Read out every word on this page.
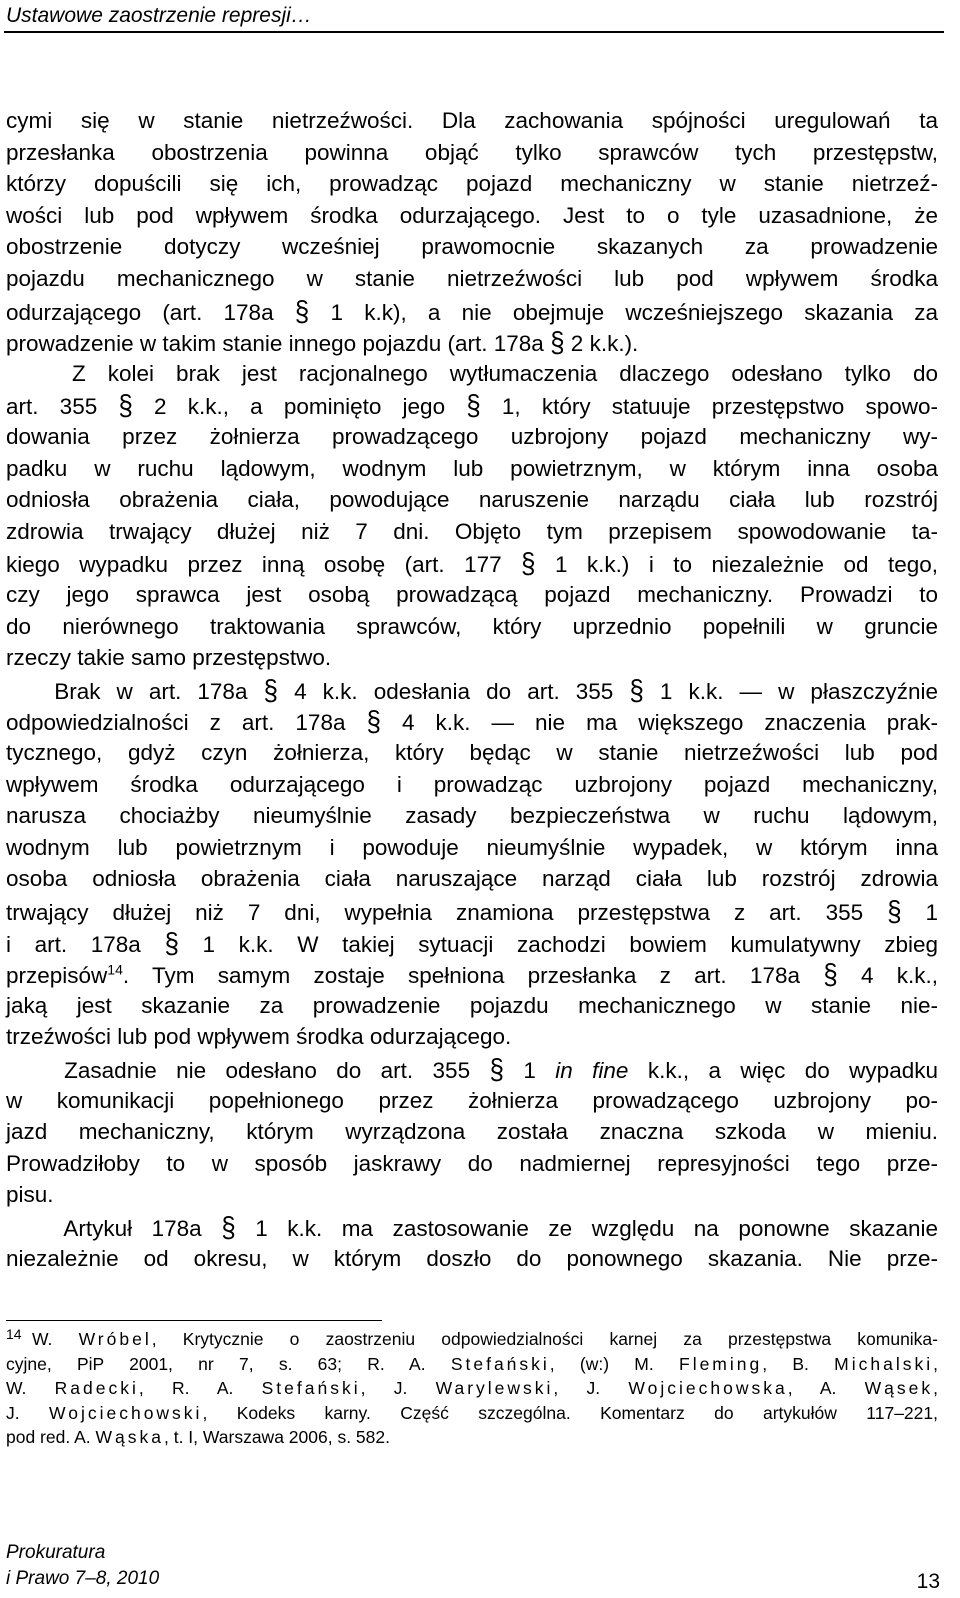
Ustawowe zaostrzenie represji…
cymi się w stanie nietrzeźwości. Dla zachowania spójności uregulowań ta
przesłanka obostrzenia powinna objąć tylko sprawców tych przestępstw,
którzy dopuścili się ich, prowadząc pojazd mechaniczny w stanie nietrzeź-
wości lub pod wpływem środka odurzającego. Jest to o tyle uzasadnione, że
obostrzenie dotyczy wcześniej prawomocnie skazanych za prowadzenie
pojazdu mechanicznego w stanie nietrzeźwości lub pod wpływem środka
odurzającego (art. 178a § 1 k.k), a nie obejmuje wcześniejszego skazania za
prowadzenie w takim stanie innego pojazdu (art. 178a § 2 k.k.).
Z kolei brak jest racjonalnego wytłumaczenia dlaczego odesłano tylko do
art. 355 § 2 k.k., a pominięto jego § 1, który statuuje przestępstwo spowo-
dowania przez żołnierza prowadzącego uzbrojony pojazd mechaniczny wy-
padku w ruchu lądowym, wodnym lub powietrznym, w którym inna osoba
odniosła obrażenia ciała, powodujące naruszenie narządu ciała lub rozstrój
zdrowia trwający dłużej niż 7 dni. Objęto tym przepisem spowodowanie ta-
kiego wypadku przez inną osobę (art. 177 § 1 k.k.) i to niezależnie od tego,
czy jego sprawca jest osobą prowadzącą pojazd mechaniczny. Prowadzi to
do nierównego traktowania sprawców, który uprzednio popełnili w gruncie
rzeczy takie samo przestępstwo.
Brak w art. 178a § 4 k.k. odesłania do art. 355 § 1 k.k. — w płaszczyźnie
odpowiedzialności z art. 178a § 4 k.k. — nie ma większego znaczenia prak-
tycznego, gdyż czyn żołnierza, który będąc w stanie nietrzeźwości lub pod
wpływem środka odurzającego i prowadząc uzbrojony pojazd mechaniczny,
narusza chociażby nieumyślnie zasady bezpieczeństwa w ruchu lądowym,
wodnym lub powietrznym i powoduje nieumyślnie wypadek, w którym inna
osoba odniosła obrażenia ciała naruszające narząd ciała lub rozstrój zdrowia
trwający dłużej niż 7 dni, wypełnia znamiona przestępstwa z art. 355 § 1
i art. 178a § 1 k.k. W takiej sytuacji zachodzi bowiem kumulatywny zbieg
przepisów$^{14}$. Tym samym zostaje spełniona przesłanka z art. 178a § 4 k.k.,
jaką jest skazanie za prowadzenie pojazdu mechanicznego w stanie nie-
trzeźwości lub pod wpływem środka odurzającego.
Zasadnie nie odesłano do art. 355 § 1 in fine k.k., a więc do wypadku
w komunikacji popełnionego przez żołnierza prowadzącego uzbrojony po-
jazd mechaniczny, którym wyrządzona została znaczna szkoda w mieniu.
Prowadziłoby to w sposób jaskrawy do nadmiernej represyjności tego prze-
pisu.
Artykuł 178a § 1 k.k. ma zastosowanie ze względu na ponowne skazanie
niezależnie od okresu, w którym doszło do ponownego skazania. Nie prze-
14 W. Wróbel, Krytycznie o zaostrzeniu odpowiedzialności karnej za przestępstwa komunika-
cyjne, PiP 2001, nr 7, s. 63; R. A. Stefański, (w:) M. Fleming, B. Michalski,
W. Radecki, R. A. Stefański, J. Warylewski, J. Wojciechowska, A. Wąsek,
J. Wojciechowski, Kodeks karny. Część szczególna. Komentarz do artykułów 117–221,
pod red. A. Wąska, t. I, Warszawa 2006, s. 582.
Prokuratura
i Prawo 7–8, 2010	13
